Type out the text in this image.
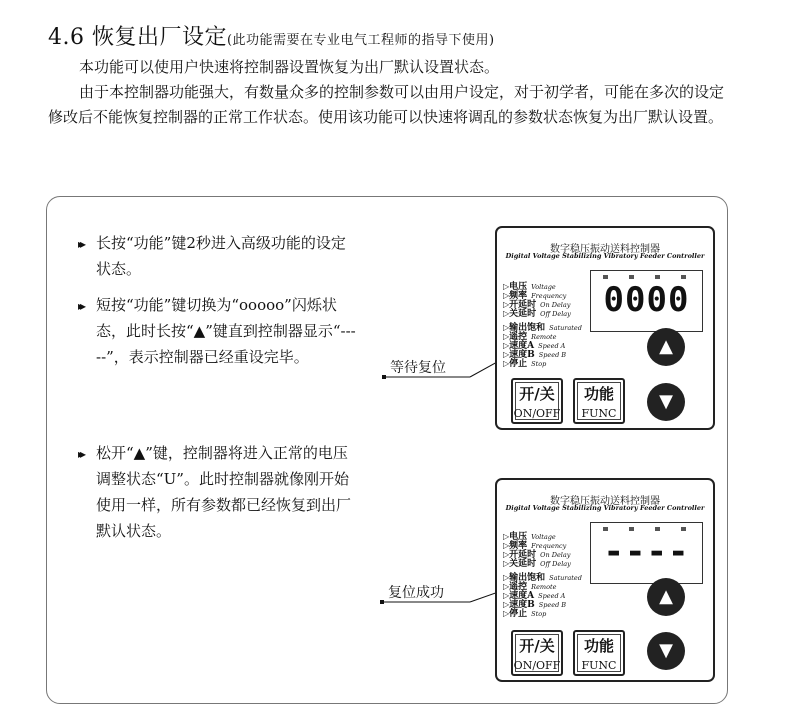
4.6 恢复出厂设定(此功能需要在专业电气工程师的指导下使用)
本功能可以使用户快速将控制器设置恢复为出厂默认设置状态。
由于本控制器功能强大，有数量众多的控制参数可以由用户设定，对于初学者，可能在多次的设定修改后不能恢复控制器的正常工作状态。使用该功能可以快速将调乱的参数状态恢复为出厂默认设置。
▸▸ 长按“功能”键2秒进入高级功能的设定状态。
▸▸ 短按“功能”键切换为“ooooo”闪烁状态，此时长按“▲”键直到控制器显示“-----”，表示控制器已经重设完毕。
▸▸ 松开“▲”键，控制器将进入正常的电压调整状态“U”。此时控制器就像刚开始使用一样，所有参数都已经恢复到出厂默认状态。
等待复位
复位成功
数字稳压振动送料控制器
Digital Voltage Stabilizing Vibratory Feeder Controller
▷电压 Voltage
▷频率 Frequency
▷开延时 On Delay
▷关延时 Off Delay
▷输出饱和 Saturated
▷遥控 Remote
▷速度A Speed A
▷速度B Speed B
▷停止 Stop
0000
▲
▼
开/关
ON/OFF
功能
FUNC
数字稳压振动送料控制器
Digital Voltage Stabilizing Vibratory Feeder Controller
▷电压 Voltage
▷频率 Frequency
▷开延时 On Delay
▷关延时 Off Delay
▷输出饱和 Saturated
▷遥控 Remote
▷速度A Speed A
▷速度B Speed B
▷停止 Stop
----
▲
▼
开/关
ON/OFF
功能
FUNC
